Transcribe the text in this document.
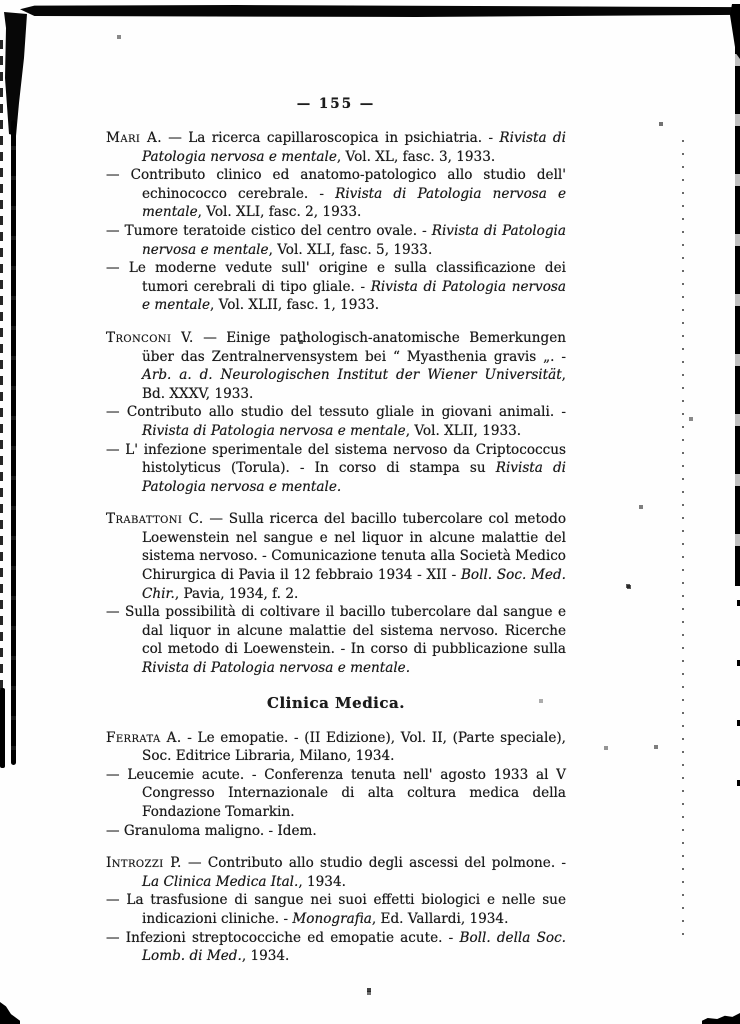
— 155 —

Mari A. — La ricerca capillaroscopica in psichiatria. - Rivista di Patologia nervosa e mentale, Vol. XL, fasc. 3, 1933.

— Contributo clinico ed anatomo-patologico allo studio dell' echinococco cerebrale. - Rivista di Patologia nervosa e mentale, Vol. XLI, fasc. 2, 1933.

— Tumore teratoide cistico del centro ovale. - Rivista di Patologia nervosa e mentale, Vol. XLI, fasc. 5, 1933.

— Le moderne vedute sull' origine e sulla classificazione dei tumori cerebrali di tipo gliale. - Rivista di Patologia nervosa e mentale, Vol. XLII, fasc. 1, 1933.

Tronconi V. — Einige pathologisch-anatomische Bemerkungen über das Zentralnervensystem bei “ Myasthenia gravis „. - Arb. a. d. Neurologischen Institut der Wiener Universität, Bd. XXXV, 1933.

— Contributo allo studio del tessuto gliale in giovani animali. - Rivista di Patologia nervosa e mentale, Vol. XLII, 1933.

— L' infezione sperimentale del sistema nervoso da Criptococcus histolyticus (Torula). - In corso di stampa su Rivista di Patologia nervosa e mentale.

Trabattoni C. — Sulla ricerca del bacillo tubercolare col metodo Loewenstein nel sangue e nel liquor in alcune malattie del sistema nervoso. - Comunicazione tenuta alla Società Medico Chirurgica di Pavia il 12 febbraio 1934 - XII - Boll. Soc. Med. Chir., Pavia, 1934, f. 2.

— Sulla possibilità di coltivare il bacillo tubercolare dal sangue e dal liquor in alcune malattie del sistema nervoso. Ricerche col metodo di Loewenstein. - In corso di pubblicazione sulla Rivista di Patologia nervosa e mentale.

Clinica Medica.

Ferrata A. - Le emopatie. - (II Edizione), Vol. II, (Parte speciale), Soc. Editrice Libraria, Milano, 1934.

— Leucemie acute. - Conferenza tenuta nell' agosto 1933 al V Congresso Internazionale di alta coltura medica della Fondazione Tomarkin.

— Granuloma maligno. - Idem.

Introzzi P. — Contributo allo studio degli ascessi del polmone. - La Clinica Medica Ital., 1934.

— La trasfusione di sangue nei suoi effetti biologici e nelle sue indicazioni cliniche. - Monografia, Ed. Vallardi, 1934.

— Infezioni streptococciche ed emopatie acute. - Boll. della Soc. Lomb. di Med., 1934.
